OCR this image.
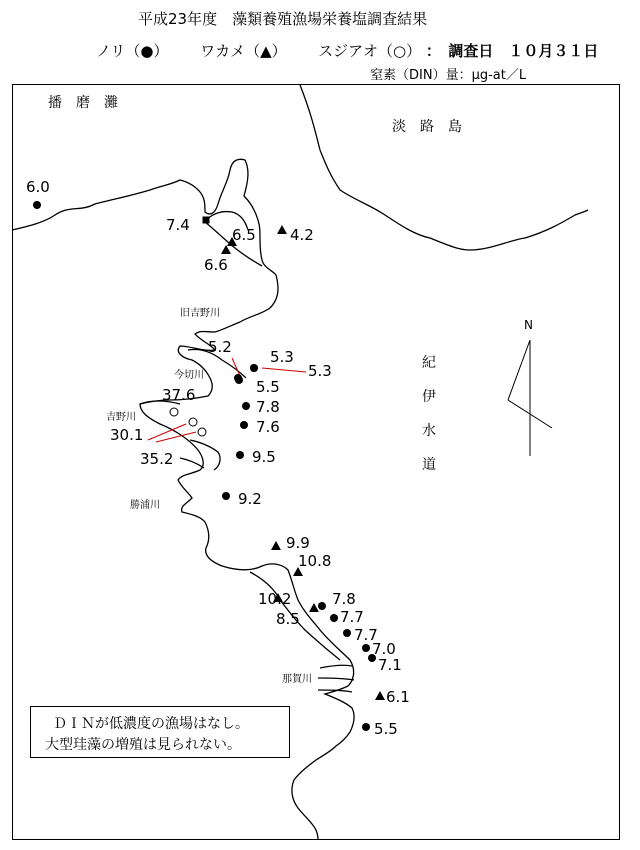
平成23年度　藻類養殖漁場栄養塩調査結果
ノリ（●） ワカメ（▲） スジアオ（○） ：　調査日　１０月３１日
窒素（DIN）量：μg-at／L
播　磨　灘
淡　路　島
紀
伊
水
道
N
旧吉野川
今切川
吉野川
勝浦川
那賀川
6.0
7.4
6.5 4.2
6.6
5.2
5.3
5.3
5.5
7.8
7.6
37.6
30.1
35.2	9.5
9.2
9.9
10.8
10.2	7.8
8.5	7.7
7.7
7.0
7.1
6.1
5.5
ＤＩＮが低濃度の漁場はなし。
大型珪藻の増殖は見られない。
